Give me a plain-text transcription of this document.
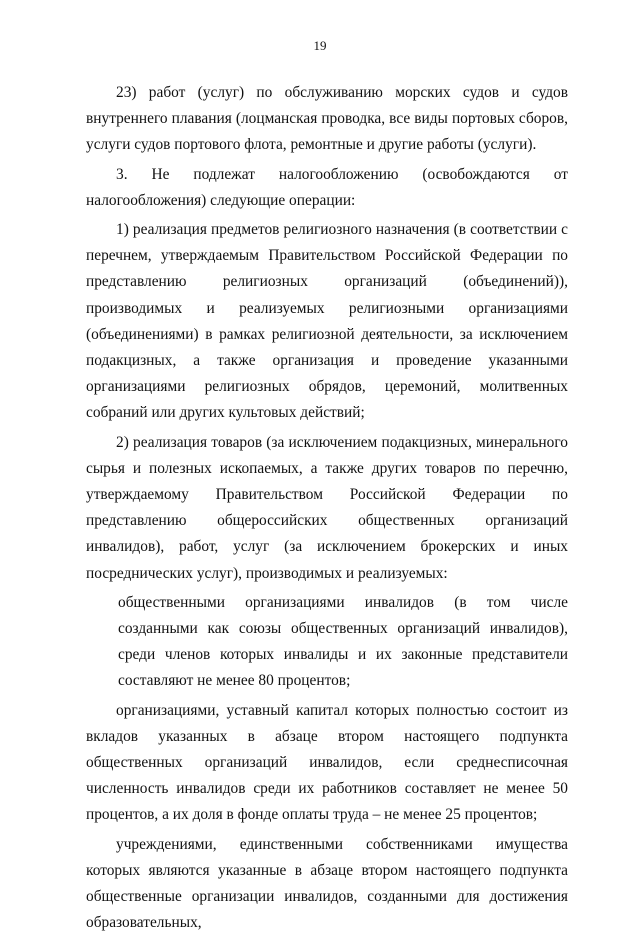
19

23) работ (услуг) по обслуживанию морских судов и судов внутреннего плавания (лоцманская проводка, все виды портовых сборов, услуги судов портового флота, ремонтные и другие работы (услуги).

3. Не подлежат налогообложению (освобождаются от налогообложения) следующие операции:

1) реализация предметов религиозного назначения (в соответствии с перечнем, утверждаемым Правительством Российской Федерации по представлению религиозных организаций (объединений)), производимых и реализуемых религиозными организациями (объединениями) в рамках религиозной деятельности, за исключением подакцизных, а также организация и проведение указанными организациями религиозных обрядов, церемоний, молитвенных собраний или других культовых действий;

2) реализация товаров (за исключением подакцизных, минерального сырья и полезных ископаемых, а также других товаров по перечню, утверждаемому Правительством Российской Федерации по представлению общероссийских общественных организаций инвалидов), работ, услуг (за исключением брокерских и иных посреднических услуг), производимых и реализуемых:

общественными организациями инвалидов (в том числе созданными как союзы общественных организаций инвалидов), среди членов которых инвалиды и их законные представители составляют не менее 80 процентов;

организациями, уставный капитал которых полностью состоит из вкладов указанных в абзаце втором настоящего подпункта общественных организаций инвалидов, если среднесписочная численность инвалидов среди их работников составляет не менее 50 процентов, а их доля в фонде оплаты труда – не менее 25 процентов;

учреждениями, единственными собственниками имущества которых являются указанные в абзаце втором настоящего подпункта общественные организации инвалидов, созданными для достижения образовательных,
